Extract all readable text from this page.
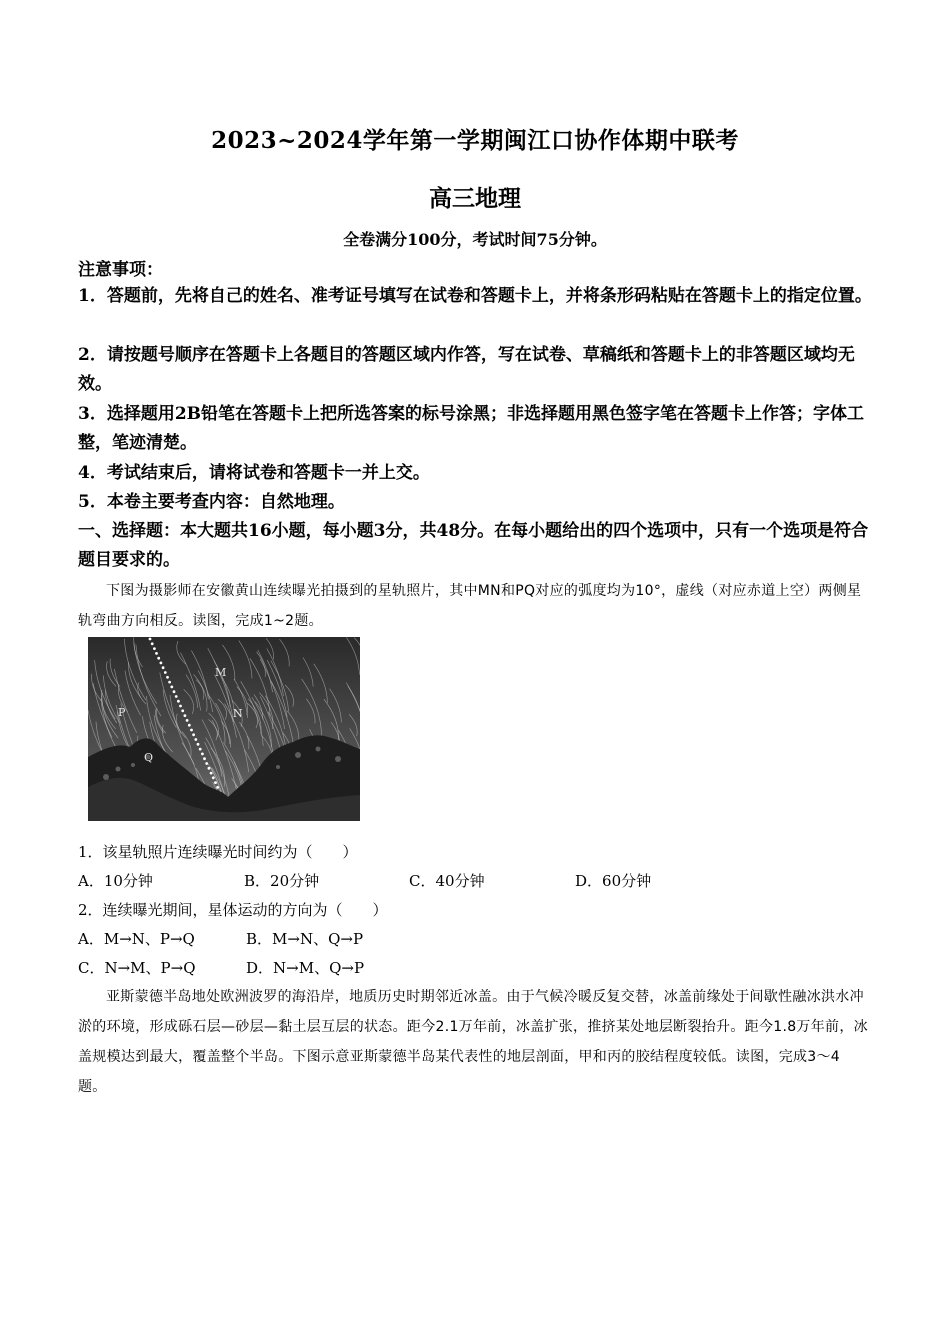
2023~2024学年第一学期闽江口协作体期中联考
高三地理
全卷满分100分，考试时间75分钟。
注意事项：
1．答题前，先将自己的姓名、准考证号填写在试卷和答题卡上，并将条形码粘贴在答题卡上的指定位置。
2．请按题号顺序在答题卡上各题目的答题区域内作答，写在试卷、草稿纸和答题卡上的非答题区域均无效。
3．选择题用2B铅笔在答题卡上把所选答案的标号涂黑；非选择题用黑色签字笔在答题卡上作答；字体工整，笔迹清楚。
4．考试结束后，请将试卷和答题卡一并上交。
5．本卷主要考查内容：自然地理。
一、选择题：本大题共16小题，每小题3分，共48分。在每小题给出的四个选项中，只有一个选项是符合题目要求的。
下图为摄影师在安徽黄山连续曝光拍摄到的星轨照片，其中MN和PQ对应的弧度均为10°，虚线（对应赤道上空）两侧星轨弯曲方向相反。读图，完成1~2题。
M
N
P
Q
1．该星轨照片连续曝光时间约为（　　）
A．10分钟	B．20分钟	C．40分钟	D．60分钟
2．连续曝光期间，星体运动的方向为（　　）
A．M→N、P→Q	B．M→N、Q→P
C．N→M、P→Q	D．N→M、Q→P
亚斯蒙德半岛地处欧洲波罗的海沿岸，地质历史时期邻近冰盖。由于气候冷暖反复交替，冰盖前缘处于间歇性融冰洪水冲淤的环境，形成砾石层—砂层—黏土层互层的状态。距今2.1万年前，冰盖扩张，推挤某处地层断裂抬升。距今1.8万年前，冰盖规模达到最大，覆盖整个半岛。下图示意亚斯蒙德半岛某代表性的地层剖面，甲和丙的胶结程度较低。读图，完成3～4题。
